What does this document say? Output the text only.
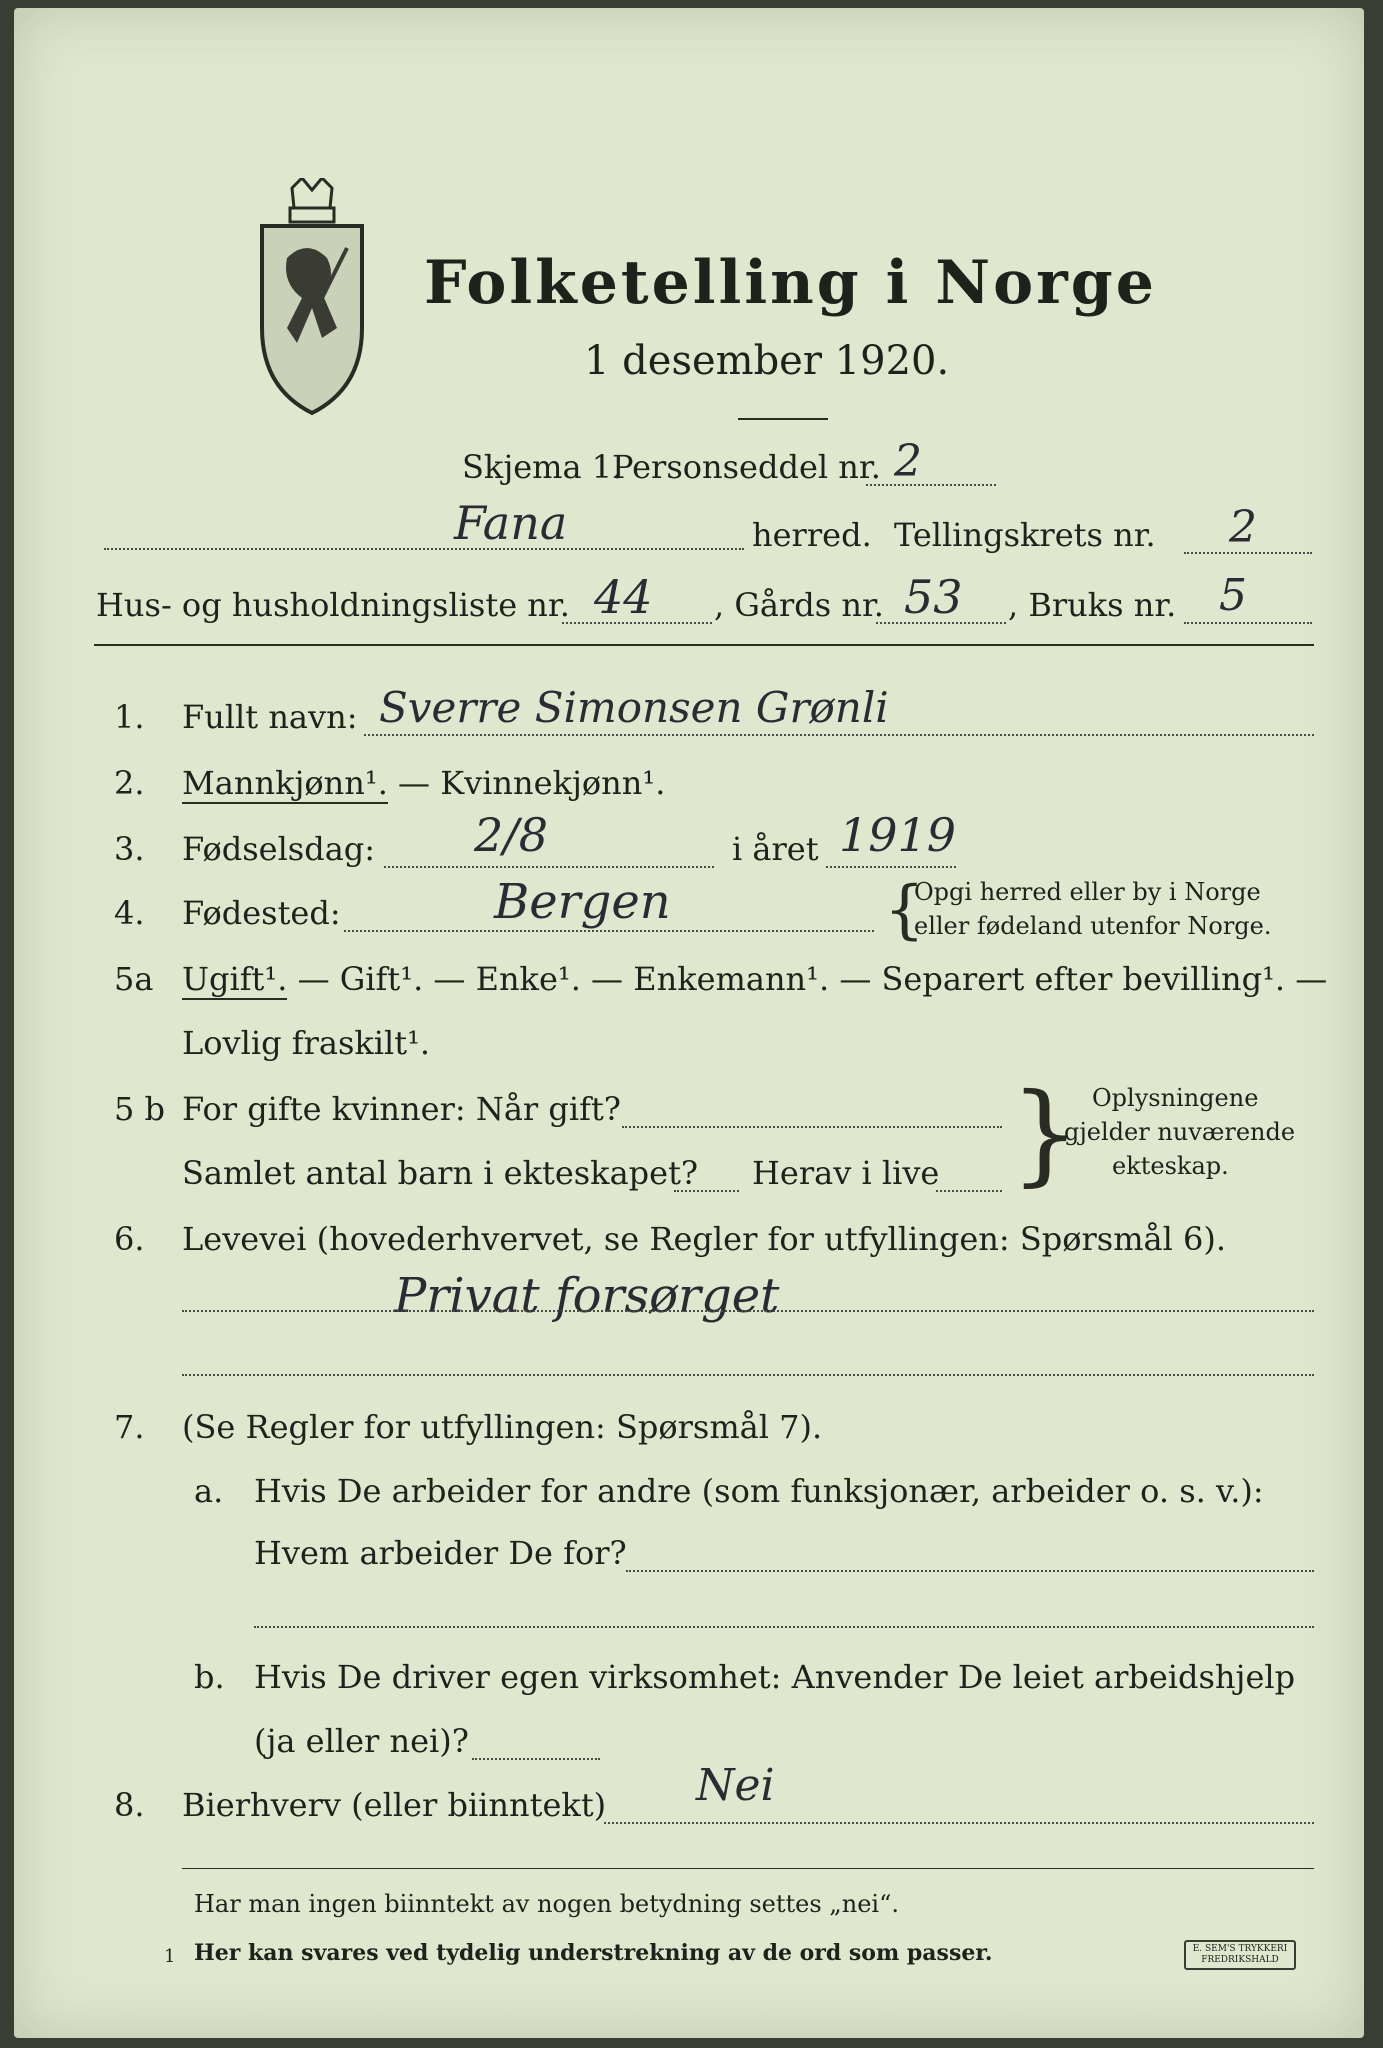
Folketelling i Norge
1 desember 1920.
Skjema 1.
Personseddel nr. 2
Fana	herred. Tellingskrets nr. 2
Hus- og husholdningsliste nr. 44 , Gårds nr. 53 , Bruks nr. 5
1. Fullt navn: Sverre Simonsen Grønli
2. Mannkjønn¹. — Kvinnekjønn¹.
3. Fødselsdag: 2/8	i året 1919
4. Fødested:	Bergen	{
Opgi herred eller by i Norge
eller fødeland utenfor Norge.
5a Ugift¹. — Gift¹. — Enke¹. — Enkemann¹. — Separert efter bevilling¹. —
Lovlig fraskilt¹.
5 b For gifte kvinner: Når gift?
Samlet antal barn i ekteskapet? Herav i live } Oplysningene
gjelder nuværende
ekteskap.
6. Levevei (hovederhvervet, se Regler for utfyllingen: Spørsmål 6).
Privat forsørget
7. (Se Regler for utfyllingen: Spørsmål 7).
a. Hvis De arbeider for andre (som funksjonær, arbeider o. s. v.):
Hvem arbeider De for?
b. Hvis De driver egen virksomhet: Anvender De leiet arbeidshjelp
(ja eller nei)?
8. Bierhverv (eller biinntekt) Nei
Har man ingen biinntekt av nogen betydning settes „nei“.
1 Her kan svares ved tydelig understrekning av de ord som passer.	E. SEM'S TRYKKERI FREDRIKSHALD
